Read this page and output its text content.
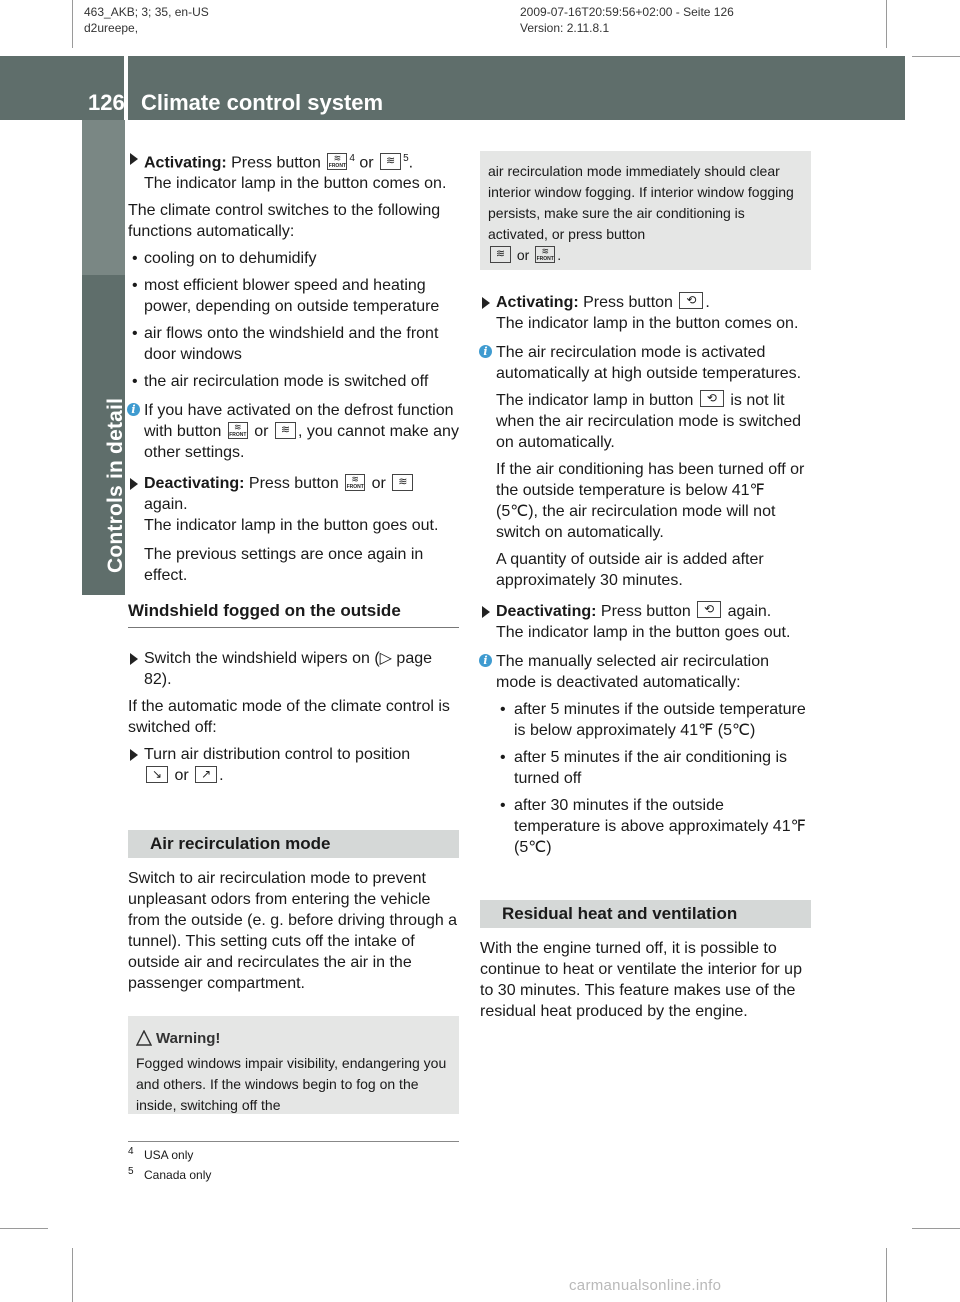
463_AKB; 3; 35, en-US
d2ureepe,
2009-07-16T20:59:56+02:00 - Seite 126
Version: 2.11.8.1
126 Climate control system
Controls in detail

Activating: Press button ≋
FRONT
$^4$ or ≋ $^5$.

The indicator lamp in the button comes on.

The climate control switches to the following functions automatically:

• cooling on to dehumidify

• most efficient blower speed and heating power, depending on outside temperature

• air flows onto the windshield and the front door windows

• the air recirculation mode is switched off

i If you have activated on the defrost function with button ≋
FRONT or ≋ , you cannot make any other settings.

Deactivating: Press button ≋
FRONT or ≋ again.

The indicator lamp in the button goes out.

The previous settings are once again in effect.

Windshield fogged on the outside

Switch the windshield wipers on (▷ page 82).

If the automatic mode of the climate control is switched off:

Turn air distribution control to position
↘ or ↗ .

Air recirculation mode

Switch to air recirculation mode to prevent unpleasant odors from entering the vehicle from the outside (e. g. before driving through a tunnel). This setting cuts off the intake of outside air and recirculates the air in the passenger compartment.

Warning!

Fogged windows impair visibility, endangering you and others. If the windows begin to fog on the inside, switching off the

air recirculation mode immediately should clear interior window fogging. If interior window fogging persists, make sure the air conditioning is activated, or press button
≋ or ≋
FRONT .

Activating: Press button ⟲ .

The indicator lamp in the button comes on.

i The air recirculation mode is activated automatically at high outside temperatures.

The indicator lamp in button ⟲ is not lit when the air recirculation mode is switched on automatically.

If the air conditioning has been turned off or the outside temperature is below 41℉ (5℃), the air recirculation mode will not switch on automatically.

A quantity of outside air is added after approximately 30 minutes.

Deactivating: Press button ⟲ again.

The indicator lamp in the button goes out.

i The manually selected air recirculation mode is deactivated automatically:

• after 5 minutes if the outside temperature is below approximately 41℉ (5℃)

• after 5 minutes if the air conditioning is turned off

• after 30 minutes if the outside temperature is above approximately 41℉ (5℃)

Residual heat and ventilation

With the engine turned off, it is possible to continue to heat or ventilate the interior for up to 30 minutes. This feature makes use of the residual heat produced by the engine.

4 USA only
5 Canada only
carmanualsonline.info
